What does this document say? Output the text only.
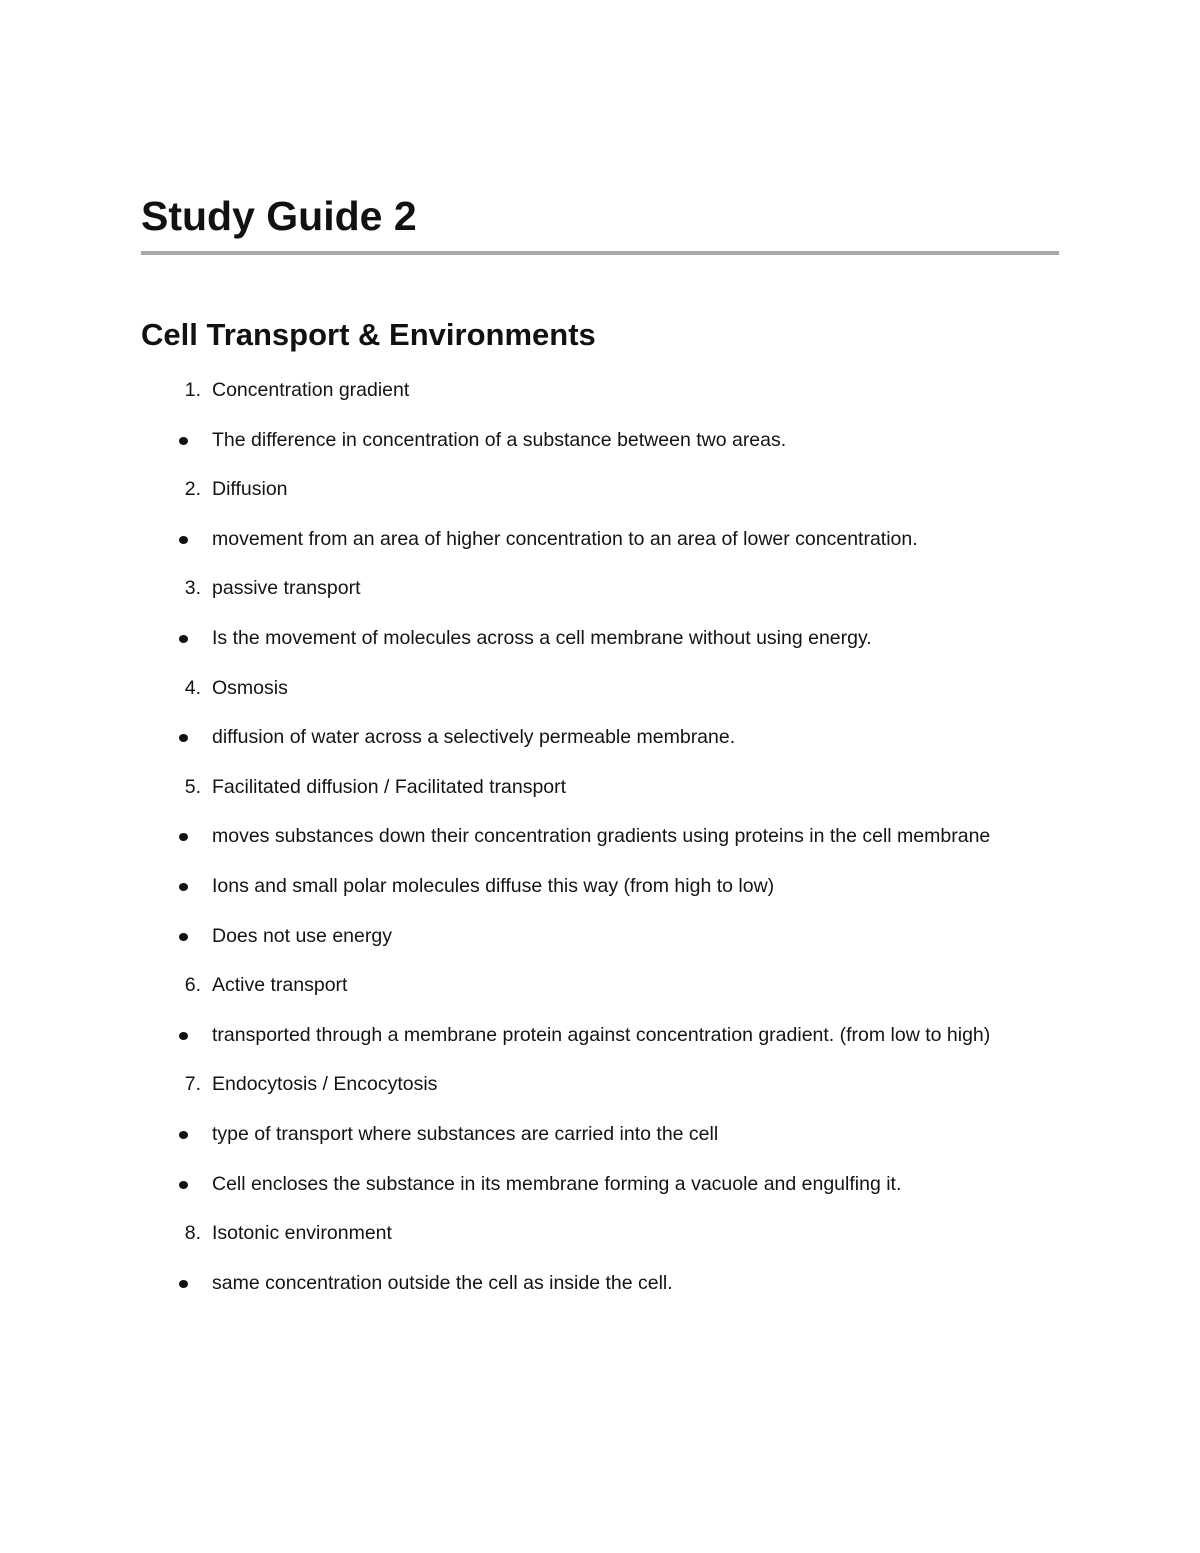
Study Guide 2
Cell Transport & Environments
1. Concentration gradient
The difference in concentration of a substance between two areas.
2. Diffusion
movement from an area of higher concentration to an area of lower concentration.
3. passive transport
Is the movement of molecules across a cell membrane without using energy.
4. Osmosis
diffusion of water across a selectively permeable membrane.
5. Facilitated diffusion / Facilitated transport
moves substances down their concentration gradients using proteins in the cell membrane
Ions and small polar molecules diffuse this way (from high to low)
Does not use energy
6. Active transport
transported through a membrane protein against concentration gradient. (from low to high)
7. Endocytosis / Encocytosis
type of transport where substances are carried into the cell
Cell encloses the substance in its membrane forming a vacuole and engulfing it.
8. Isotonic environment
same concentration outside the cell as inside the cell.
